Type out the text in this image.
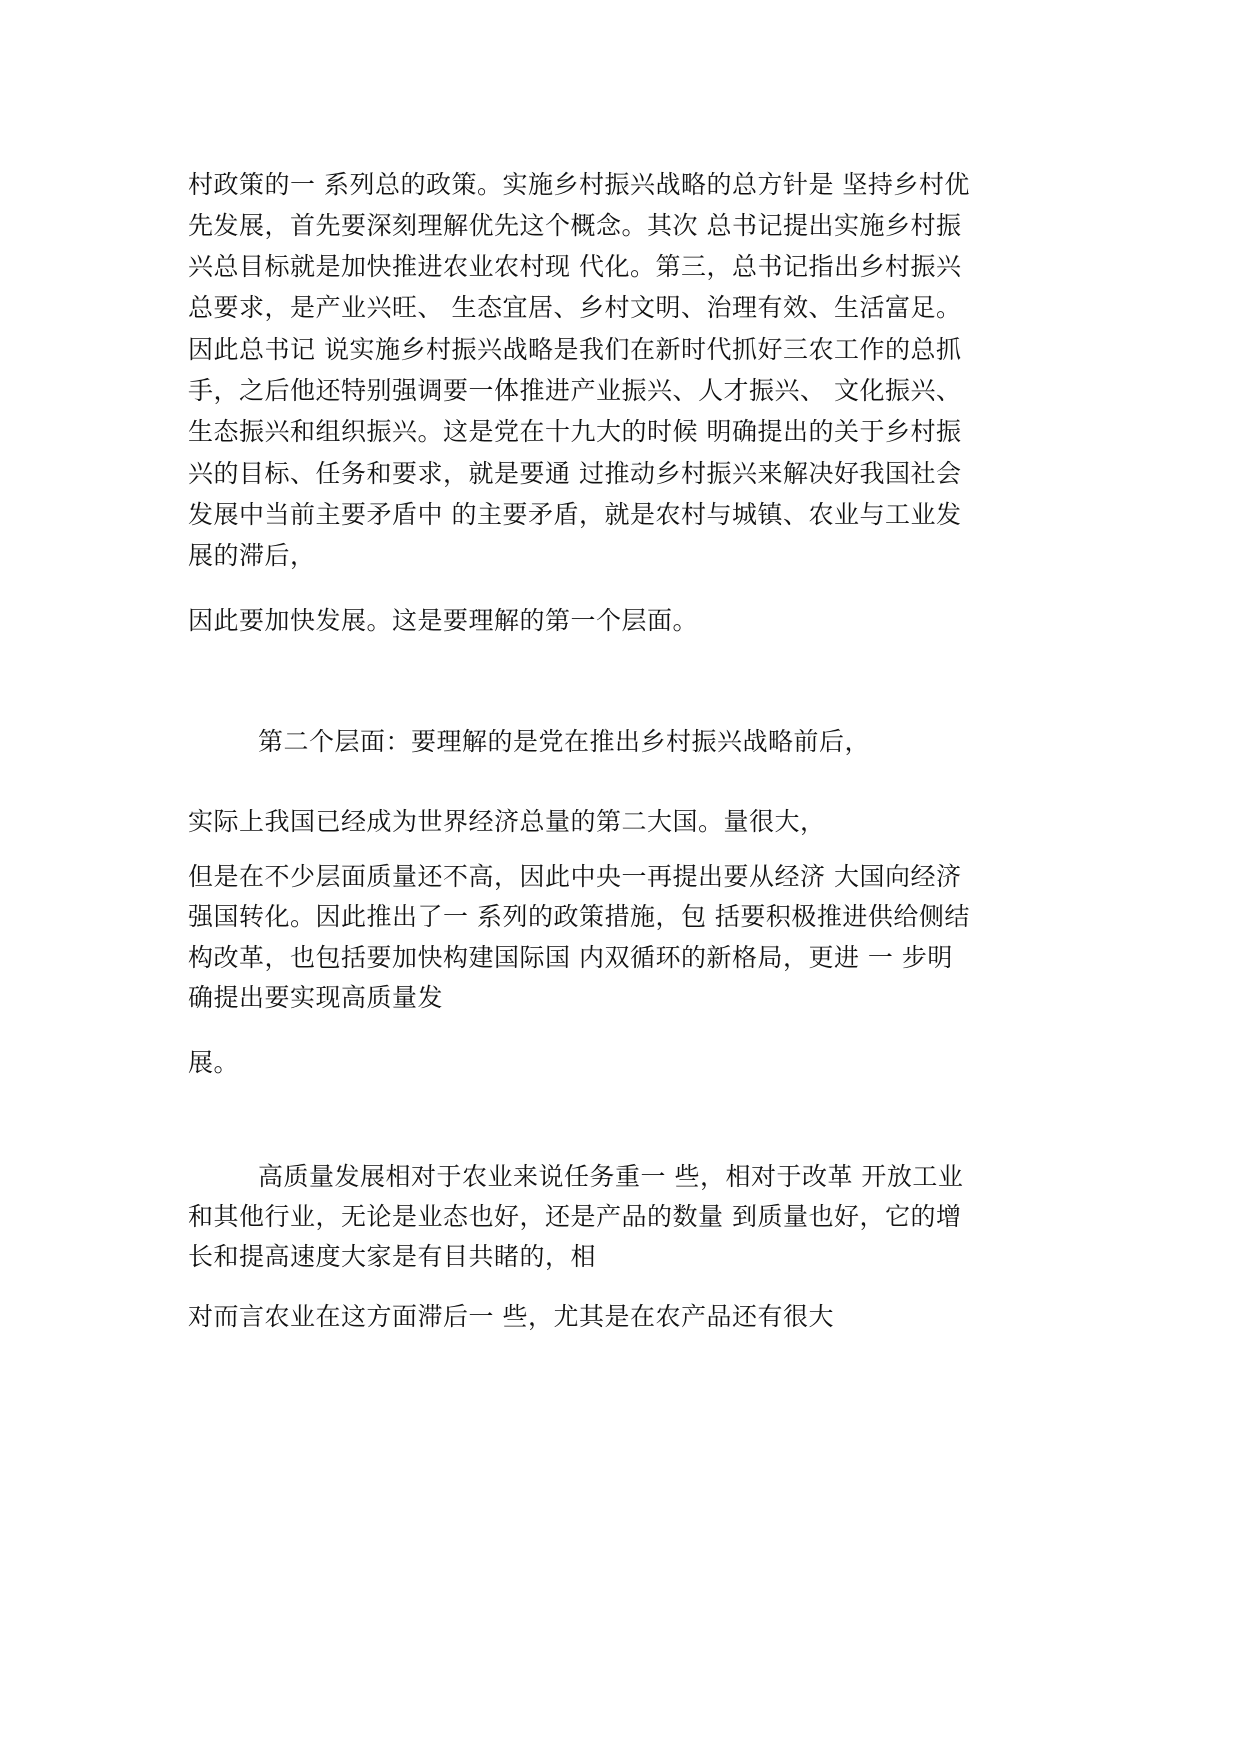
村政策的一 系列总的政策。实施乡村振兴战略的总方针是 坚持乡村优

先发展，首先要深刻理解优先这个概念。其次 总书记提出实施乡村振

兴总目标就是加快推进农业农村现 代化。第三，总书记指出乡村振兴

总要求，是产业兴旺、 生态宜居、乡村文明、治理有效、生活富足。

因此总书记 说实施乡村振兴战略是我们在新时代抓好三农工作的总抓

手，之后他还特别强调要一体推进产业振兴、人才振兴、 文化振兴、

生态振兴和组织振兴。这是党在十九大的时候 明确提出的关于乡村振

兴的目标、任务和要求，就是要通 过推动乡村振兴来解决好我国社会

发展中当前主要矛盾中 的主要矛盾，就是农村与城镇、农业与工业发

展的滞后，

因此要加快发展。这是要理解的第一个层面。

第二个层面：要理解的是党在推出乡村振兴战略前后，

实际上我国已经成为世界经济总量的第二大国。量很大，

但是在不少层面质量还不高，因此中央一再提出要从经济 大国向经济

强国转化。因此推出了一 系列的政策措施，包 括要积极推进供给侧结

构改革，也包括要加快构建国际国 内双循环的新格局，更进 一 步明

确提出要实现高质量发

展。

高质量发展相对于农业来说任务重一 些，相对于改革 开放工业

和其他行业，无论是业态也好，还是产品的数量 到质量也好，它的增

长和提高速度大家是有目共睹的，相

对而言农业在这方面滞后一 些，尤其是在农产品还有很大
